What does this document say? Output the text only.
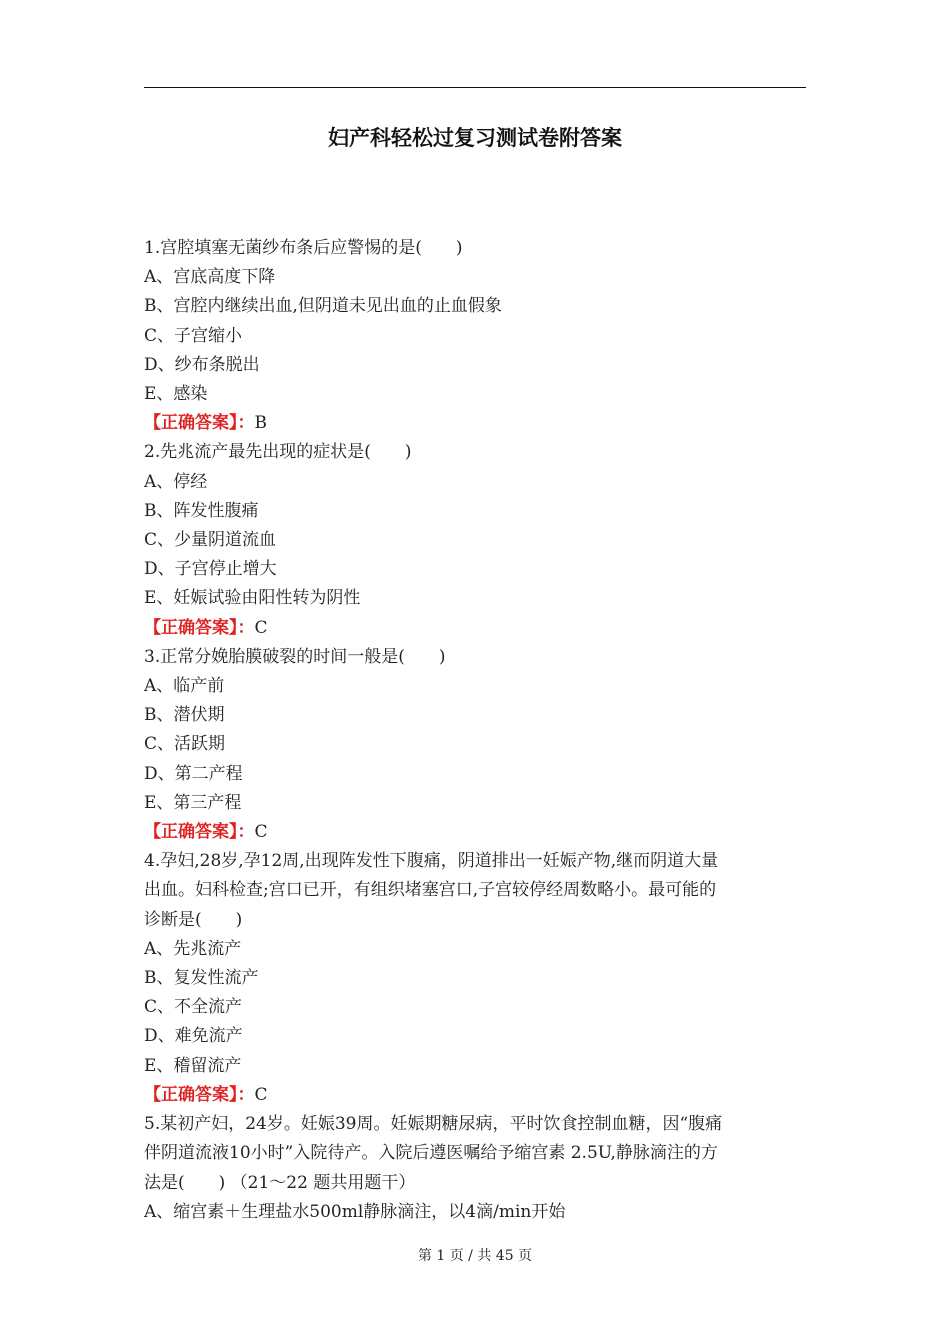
妇产科轻松过复习测试卷附答案
1.宫腔填塞无菌纱布条后应警惕的是(　　)
A、宫底高度下降
B、宫腔内继续出血,但阴道未见出血的止血假象
C、子宫缩小
D、纱布条脱出
E、感染
【正确答案】：B
2.先兆流产最先出现的症状是(　　)
A、停经
B、阵发性腹痛
C、少量阴道流血
D、子宫停止增大
E、妊娠试验由阳性转为阴性
【正确答案】：C
3.正常分娩胎膜破裂的时间一般是(　　)
A、临产前
B、潜伏期
C、活跃期
D、第二产程
E、第三产程
【正确答案】：C
4.孕妇,28岁,孕12周,出现阵发性下腹痛，阴道排出一妊娠产物,继而阴道大量
出血。妇科检查;宫口已开，有组织堵塞宫口,子宫较停经周数略小。最可能的
诊断是(　　)
A、先兆流产
B、复发性流产
C、不全流产
D、难免流产
E、稽留流产
【正确答案】：C
5.某初产妇，24岁。妊娠39周。妊娠期糖尿病，平时饮食控制血糖，因“腹痛
伴阴道流液10小时”入院待产。入院后遵医嘱给予缩宫素 2.5U,静脉滴注的方
法是(　　) （21～22 题共用题干）
A、缩宫素＋生理盐水500ml静脉滴注，以4滴/min开始
第 1 页 / 共 45 页
